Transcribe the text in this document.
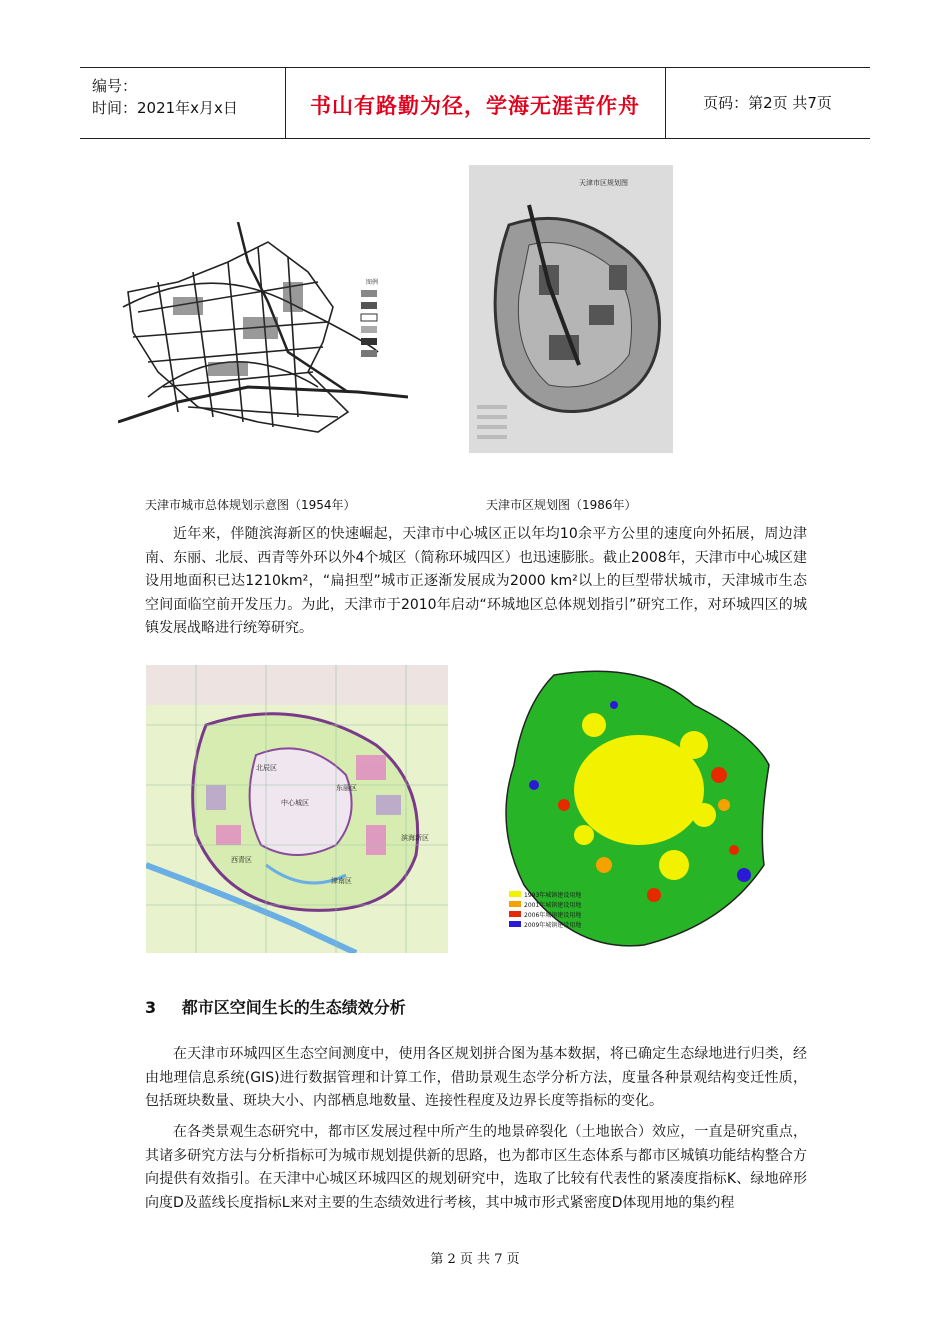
编号：
时间：2021年x月x日	书山有路勤为径，学海无涯苦作舟	页码：第2页 共7页
图例
天津市区规划图
天津市城市总体规划示意图（1954年）	天津市区规划图（1986年）
近年来，伴随滨海新区的快速崛起，天津市中心城区正以年均10余平方公里的速度向外拓展，周边津南、东丽、北辰、西青等外环以外4个城区（简称环城四区）也迅速膨胀。截止2008年，天津市中心城区建设用地面积已达1210km²，“扁担型”城市正逐渐发展成为2000 km²以上的巨型带状城市，天津城市生态空间面临空前开发压力。为此，天津市于2010年启动“环城地区总体规划指引”研究工作，对环城四区的城镇发展战略进行统筹研究。
北辰区
东丽区
中心城区
滨海新区
西青区
津南区
1993年城镇建设用地
2001年城镇建设用地
2006年城镇建设用地
2009年城镇建设用地
3 都市区空间生长的生态绩效分析
在天津市环城四区生态空间测度中，使用各区规划拼合图为基本数据，将已确定生态绿地进行归类，经由地理信息系统(GIS)进行数据管理和计算工作，借助景观生态学分析方法，度量各种景观结构变迁性质，包括斑块数量、斑块大小、内部栖息地数量、连接性程度及边界长度等指标的变化。
在各类景观生态研究中，都市区发展过程中所产生的地景碎裂化（土地嵌合）效应，一直是研究重点，其诸多研究方法与分析指标可为城市规划提供新的思路，也为都市区生态体系与都市区城镇功能结构整合方向提供有效指引。在天津中心城区环城四区的规划研究中，选取了比较有代表性的紧凑度指标K、绿地碎形向度D及蓝线长度指标L来对主要的生态绩效进行考核，其中城市形式紧密度D体现用地的集约程
第 2 页 共 7 页
